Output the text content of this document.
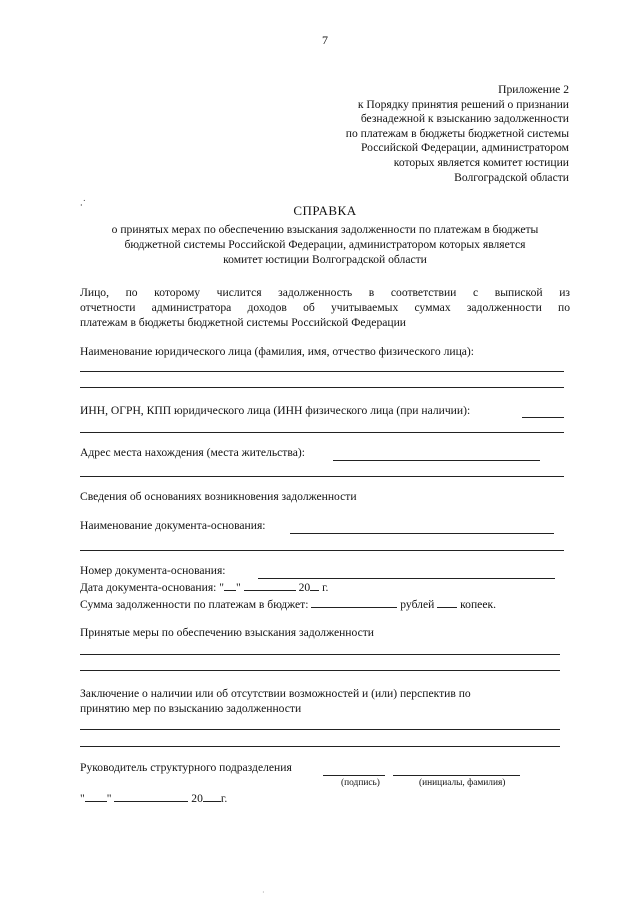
7
Приложение 2
к Порядку принятия решений о признании
безнадежной к взысканию задолженности
по платежам в бюджеты бюджетной системы
Российской Федерации, администратором
которых является комитет юстиции
Волгоградской области
⸳˙	СПРАВКА
о принятых мерах по обеспечению взыскания задолженности по платежам в бюджеты
бюджетной системы Российской Федерации, администратором которых является
комитет юстиции Волгоградской области
Лицо, по которому числится задолженность в соответствии с выпиской из
отчетности администратора доходов об учитываемых суммах задолженности по
платежам в бюджеты бюджетной системы Российской Федерации
Наименование юридического лица (фамилия, имя, отчество физического лица):
ИНН, ОГРН, КПП юридического лица (ИНН физического лица (при наличии):
Адрес места нахождения (места жительства):
Сведения об основаниях возникновения задолженности
Наименование документа-основания:
Номер документа-основания:
Дата документа-основания: " "	20 г.
Сумма задолженности по платежам в бюджет:	рублей копеек.
Принятые меры по обеспечению взыскания задолженности
Заключение о наличии или об отсутствии возможностей и (или) перспектив по
принятию мер по взысканию задолженности
Руководитель структурного подразделения
(подпись)	(инициалы, фамилия)
" "	20 г.
·
